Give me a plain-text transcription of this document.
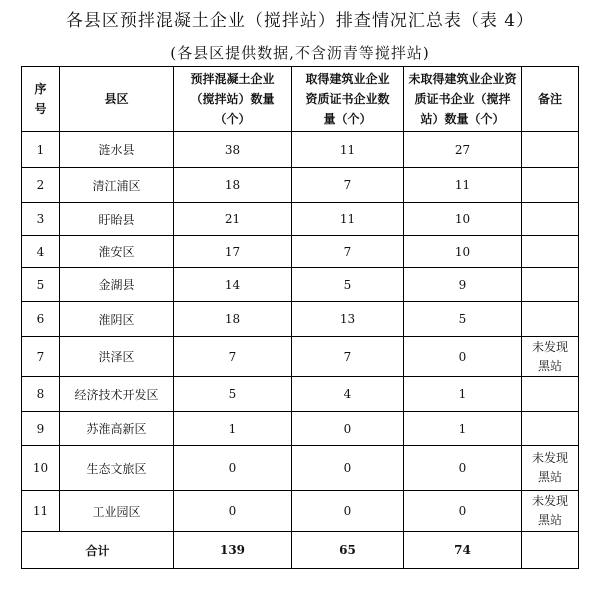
各县区预拌混凝土企业（搅拌站）排查情况汇总表（表 4）
(各县区提供数据,不含沥青等搅拌站)
序号	县区	预拌混凝土企业（搅拌站）数量（个）	取得建筑业企业资质证书企业数量（个）	未取得建筑业企业资质证书企业（搅拌站）数量（个）	备注
1	涟水县	38	11	27	
2	清江浦区	18	7	11	
3	盱眙县	21	11	10	
4	淮安区	17	7	10	
5	金湖县	14	5	9	
6	淮阴区	18	13	5	
7	洪泽区	7	7	0	未发现黑站
8	经济技术开发区	5	4	1	
9	苏淮高新区	1	0	1	
10	生态文旅区	0	0	0	未发现黑站
11	工业园区	0	0	0	未发现黑站
合计		139	65	74	
